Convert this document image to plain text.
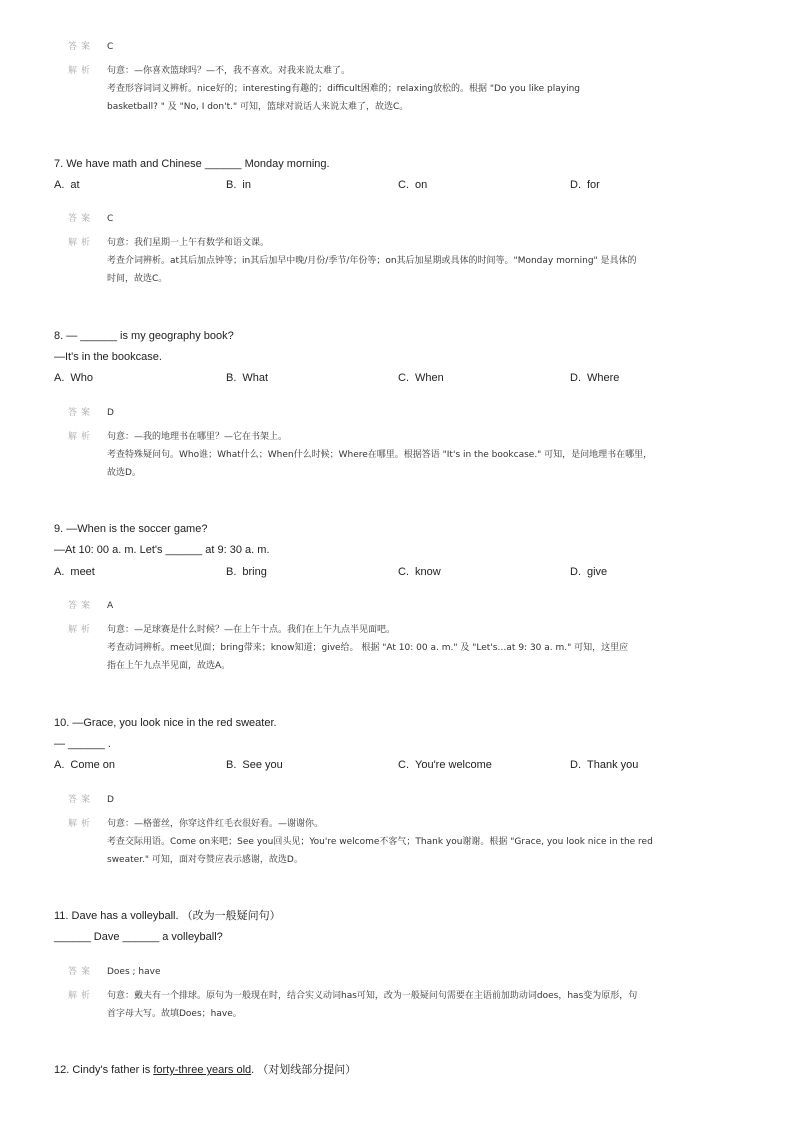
答案 C
解析 句意：—你喜欢篮球吗？—不，我不喜欢。对我来说太难了。
考查形容词词义辨析。nice好的；interesting有趣的；difficult困难的；relaxing放松的。根据 "Do you like playing
basketball? " 及 "No, I don't." 可知，篮球对说话人来说太难了，故选C。
7. We have math and Chinese ______ Monday morning.
A. at	B. in	C. on	D. for
答案 C
解析 句意：我们星期一上午有数学和语文课。
考查介词辨析。at其后加点钟等；in其后加早中晚/月份/季节/年份等；on其后加星期或具体的时间等。"Monday morning" 是具体的
时间，故选C。
8. — ______ is my geography book?
—It's in the bookcase.
A. Who	B. What	C. When	D. Where
答案 D
解析 句意：—我的地理书在哪里？—它在书架上。
考查特殊疑问句。Who谁；What什么；When什么时候；Where在哪里。根据答语 "It's in the bookcase." 可知，是问地理书在哪里，
故选D。
9. —When is the soccer game?
—At 10: 00 a. m. Let's ______ at 9: 30 a. m.
A. meet	B. bring	C. know	D. give
答案 A
解析 句意：—足球赛是什么时候？—在上午十点。我们在上午九点半见面吧。
考查动词辨析。meet见面；bring带来；know知道；give给。 根据 "At 10: 00 a. m." 及 "Let's…at 9: 30 a. m." 可知，这里应
指在上午九点半见面，故选A。
10. —Grace, you look nice in the red sweater.
— ______ .
A. Come on	B. See you	C. You're welcome	D. Thank you
答案 D
解析 句意：—格蕾丝，你穿这件红毛衣很好看。—谢谢你。
考查交际用语。Come on来吧；See you回头见；You're welcome不客气；Thank you谢谢。根据 "Grace, you look nice in the red
sweater." 可知，面对夸赞应表示感谢，故选D。
11. Dave has a volleyball. （改为一般疑问句）
______ Dave ______ a volleyball?
答案 Does ; have
解析 句意：戴夫有一个排球。原句为一般现在时，结合实义动词has可知，改为一般疑问句需要在主语前加助动词does，has变为原形，句
首字母大写。故填Does；have。
12. Cindy's father is forty-three years old. （对划线部分提问）
